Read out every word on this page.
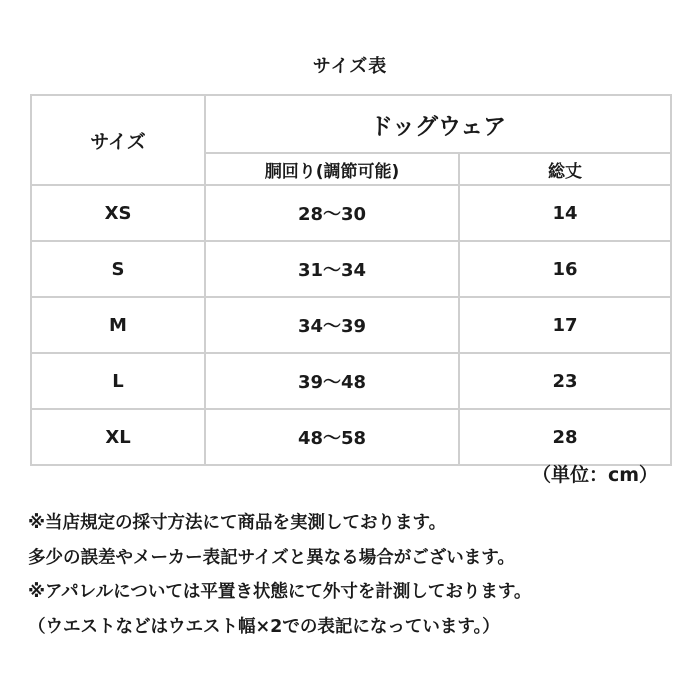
サイズ表
サイズ	ドッグウェア	
	胴回り(調節可能)	総丈
XS	28〜30	14
S	31〜34	16
M	34〜39	17
L	39〜48	23
XL	48〜58	28
（単位：cm）
※当店規定の採寸方法にて商品を実測しております。
多少の誤差やメーカー表記サイズと異なる場合がございます。
※アパレルについては平置き状態にて外寸を計測しております。
（ウエストなどはウエスト幅×2での表記になっています。）
